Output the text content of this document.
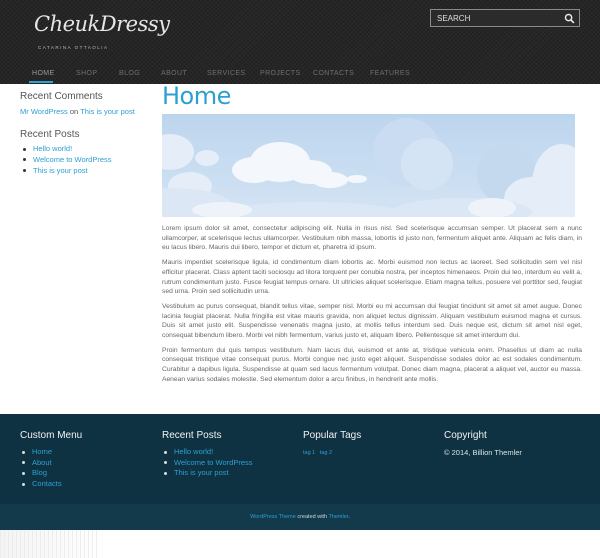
CheukDressy
CATARINA OTTAOLIA
SEARCH
HOME	SHOP	BLOG	ABOUT	SERVICES PROJECTS CONTACTS FEATURES
Recent Comments
Mr WordPress on This is your post
Recent Posts
Hello world!
Welcome to WordPress
This is your post
Home

Lorem ipsum dolor sit amet, consectetur adipiscing elit. Nulla in risus nisl. Sed scelerisque accumsan semper. Ut placerat sem a nunc ullamcorper, at scelerisque lectus ullamcorper. Vestibulum nibh massa, lobortis id justo non, fermentum aliquet ante. Aliquam ac felis diam, in eu lacus libero. Mauris dui libero, tempor et dictum et, pharetra id ipsum.

Mauris imperdiet scelerisque ligula, id condimentum diam lobortis ac. Morbi euismod non lectus ac laoreet. Sed sollicitudin sem vel nisl efficitur placerat. Class aptent taciti sociosqu ad litora torquent per conubia nostra, per inceptos himenaeos. Proin dui leo, interdum eu velit a, rutrum condimentum justo. Fusce feugiat tempus ornare. Ut ultricies aliquet scelerisque. Etiam magna tellus, posuere vel porttitor sed, feugiat sed urna. Proin sed sollicitudin urna.

Vestibulum ac purus consequat, blandit tellus vitae, semper nisl. Morbi eu mi accumsan dui feugiat tincidunt sit amet sit amet augue. Donec lacinia feugiat placerat. Nulla fringilla est vitae mauris gravida, non aliquet lectus dignissim. Aliquam vestibulum euismod magna et cursus. Duis sit amet justo elit. Suspendisse venenatis magna justo, at mollis tellus interdum sed. Duis neque est, dictum sit amet nisl eget, consequat bibendum libero. Morbi vel nibh fermentum, varius justo et, aliquam libero. Pellentesque sit amet interdum dui.

Proin fermentum dui quis tempus vestibulum. Nam lacus dui, euismod et ante at, tristique vehicula enim. Phasellus ut diam ac nulla consequat tristique vitae consequat purus. Morbi congue nec justo eget aliquet. Suspendisse sodales dolor ac est sodales condimentum. Curabitur a dapibus ligula. Suspendisse at quam sed lacus fermentum volutpat. Donec diam magna, placerat a aliquet vel, auctor eu massa. Aenean varius sodales molestie. Sed elementum dolor a arcu finibus, in hendrerit ante mollis.

Custom Menu
Home
About
Blog
Contacts
Recent Posts
Hello world!
Welcome to WordPress
This is your post
Popular Tags
tag 1 tag 2
Copyright
© 2014, Billion Themler
WordPress Theme created with Themler.
